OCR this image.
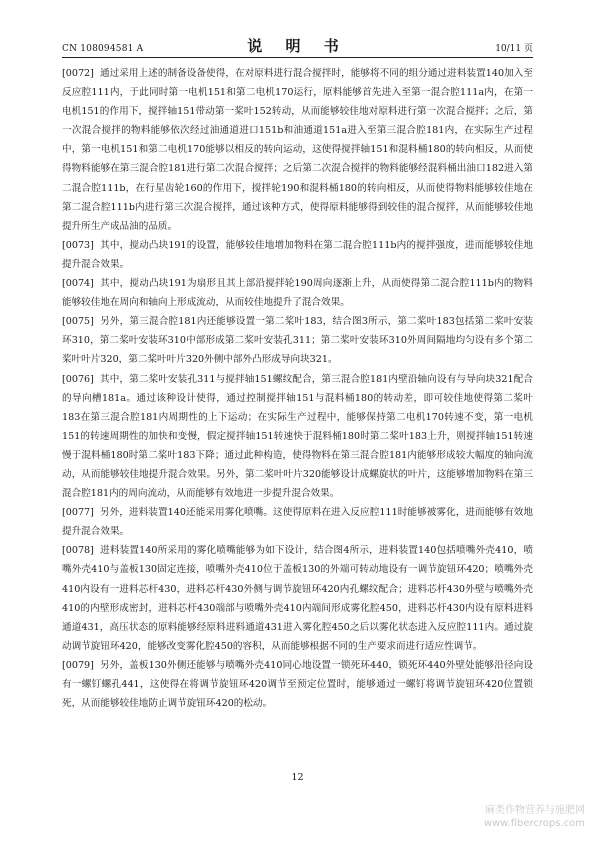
CN 108094581 A	说 明 书	10/11 页

[0072] 通过采用上述的制备设备使得，在对原料进行混合搅拌时，能够将不同的组分通过进料装置140加入至反应腔111内，于此同时第一电机151和第二电机170运行，原料能够首先进入至第一混合腔111a内，在第一电机151的作用下，搅拌轴151带动第一桨叶152转动，从而能够较佳地对原料进行第一次混合搅拌；之后，第一次混合搅拌的物料能够依次经过油通道进口151b和油通道151a进入至第三混合腔181内，在实际生产过程中，第一电机151和第二电机170能够以相反的转向运动，这使得搅拌轴151和混料桶180的转向相反，从而使得物料能够在第三混合腔181进行第二次混合搅拌；之后第二次混合搅拌的物料能够经混料桶出油口182进入第二混合腔111b，在行星齿轮160的作用下，搅拌轮190和混料桶180的转向相反，从而使得物料能够较佳地在第二混合腔111b内进行第三次混合搅拌，通过该种方式，使得原料能够得到较佳的混合搅拌，从而能够较佳地提升所生产成品油的品质。

[0073] 其中，搅动凸块191的设置，能够较佳地增加物料在第二混合腔111b内的搅拌强度，进而能够较佳地提升混合效果。

[0074] 其中，搅动凸块191为扇形且其上部沿搅拌轮190周向逐渐上升，从而使得第二混合腔111b内的物料能够较佳地在周向和轴向上形成流动，从而较佳地提升了混合效果。

[0075] 另外，第三混合腔181内还能够设置一第二桨叶183，结合图3所示，第二桨叶183包括第二桨叶安装环310，第二桨叶安装环310中部形成第二桨叶安装孔311；第二桨叶安装环310外周间隔地均匀设有多个第二桨叶叶片320，第二桨叶叶片320外侧中部外凸形成导向块321。

[0076] 其中，第二桨叶安装孔311与搅拌轴151螺纹配合，第三混合腔181内壁沿轴向设有与导向块321配合的导向槽181a。通过该种设计使得，通过控制搅拌轴151与混料桶180的转动差，即可较佳地使得第二桨叶183在第三混合腔181内周期性的上下运动；在实际生产过程中，能够保持第二电机170转速不变，第一电机151的转速周期性的加快和变慢，假定搅拌轴151转速快于混料桶180时第二桨叶183上升，则搅拌轴151转速慢于混料桶180时第二桨叶183下降；通过此种构造，使得物料在第三混合腔181内能够形成较大幅度的轴向流动，从而能够较佳地提升混合效果。另外，第二桨叶叶片320能够设计成螺旋状的叶片，这能够增加物料在第三混合腔181内的周向流动，从而能够有效地进一步提升混合效果。

[0077] 另外，进料装置140还能采用雾化喷嘴。这使得原料在进入反应腔111时能够被雾化，进而能够有效地提升混合效果。

[0078] 进料装置140所采用的雾化喷嘴能够为如下设计，结合图4所示，进料装置140包括喷嘴外壳410，喷嘴外壳410与盖板130固定连接，喷嘴外壳410位于盖板130的外端可转动地设有一调节旋钮环420；喷嘴外壳410内设有一进料芯杆430，进料芯杆430外侧与调节旋钮环420内孔螺纹配合；进料芯杆430外壁与喷嘴外壳410的内壁形成密封，进料芯杆430端部与喷嘴外壳410内端间形成雾化腔450，进料芯杆430内设有原料进料通道431，高压状态的原料能够经原料进料通道431进入雾化腔450之后以雾化状态进入反应腔111内。通过旋动调节旋钮环420，能够改变雾化腔450的容积，从而能够根据不同的生产要求而进行适应性调节。

[0079] 另外，盖板130外侧还能够与喷嘴外壳410同心地设置一锁死环440，锁死环440外壁处能够沿径向设有一螺钉螺孔441，这使得在将调节旋钮环420调节至预定位置时，能够通过一螺钉将调节旋钮环420位置锁死，从而能够较佳地防止调节旋钮环420的松动。

12
麻类作物营养与施肥网
www.fibercrops.com
